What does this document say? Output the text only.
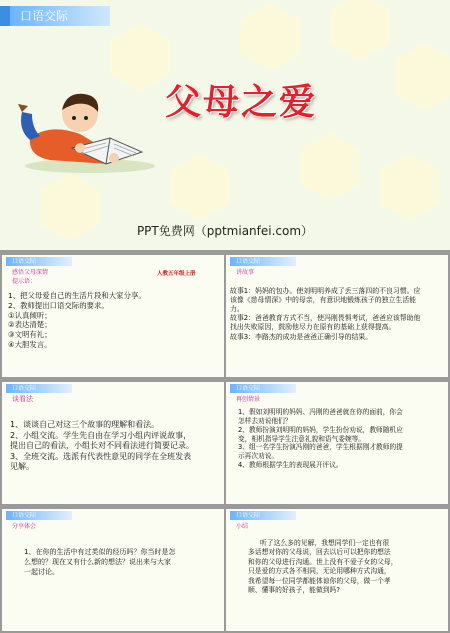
口语交际
父母之爱
PPT免费网（pptmianfei.com）
口语交际
感悟父母深情	人教五年级上册
提示语：
1、把父母爱自己的生活片段和大家分享。
2、教师提出口语交际的要求。
①认真倾听；
②表达清楚；
③文明有礼；
④大胆发言。
口语交际
讲故事
故事1：妈妈的包办。使刘明明养成了丢三落四的不良习惯。应
该像《慈母情深》中的母亲，有意识地锻炼孩子的独立生活能
力。
故事2：爸爸教育方式不当，使冯刚畏惧考试，爸爸应该帮助他
找出失败原因，鼓励他尽力在原有的基础上获得提高。
故事3：李路杰的成功是爸爸正确引导的结果。
口语交际
谈看法
1、谈谈自己对这三个故事的理解和看法。
2、小组交流。学生先自由在学习小组内评说故事，
提出自己的看法，小组长对不同看法进行简要记录。
3、全班交流。选派有代表性意见的同学在全班发表
见解。
口语交际
再创情景
1、假如刘明明的妈妈、冯刚的爸爸就在你的面前，你会
怎样去劝说他们？
2、教师扮演刘明明的妈妈，学生扮份劝说，教师随机应
变，相机指导学生注意礼貌和语气委婉等。
3、组一名学生扮演冯刚的爸爸，学生根据刚才教师的提
示再次劝说。
4、教师根据学生的表现展开评议。
口语交际
分享体会
1、在你的生活中有过类似的经历吗？你当时是怎
么想的？现在又有什么新的想法？说出来与大家
一起讨论。
口语交际
小结
听了这么多的见解，我想同学们一定也有很
多话想对你的父母说，回去以后可以把你的想法
和你的父母进行沟通。世上没有不爱子女的父母，
只是爱的方式各不相同，无论用哪种方式沟通，
我希望每一位同学都能体谅你的父母，做一个孝
顺、懂事的好孩子，能做到吗?
